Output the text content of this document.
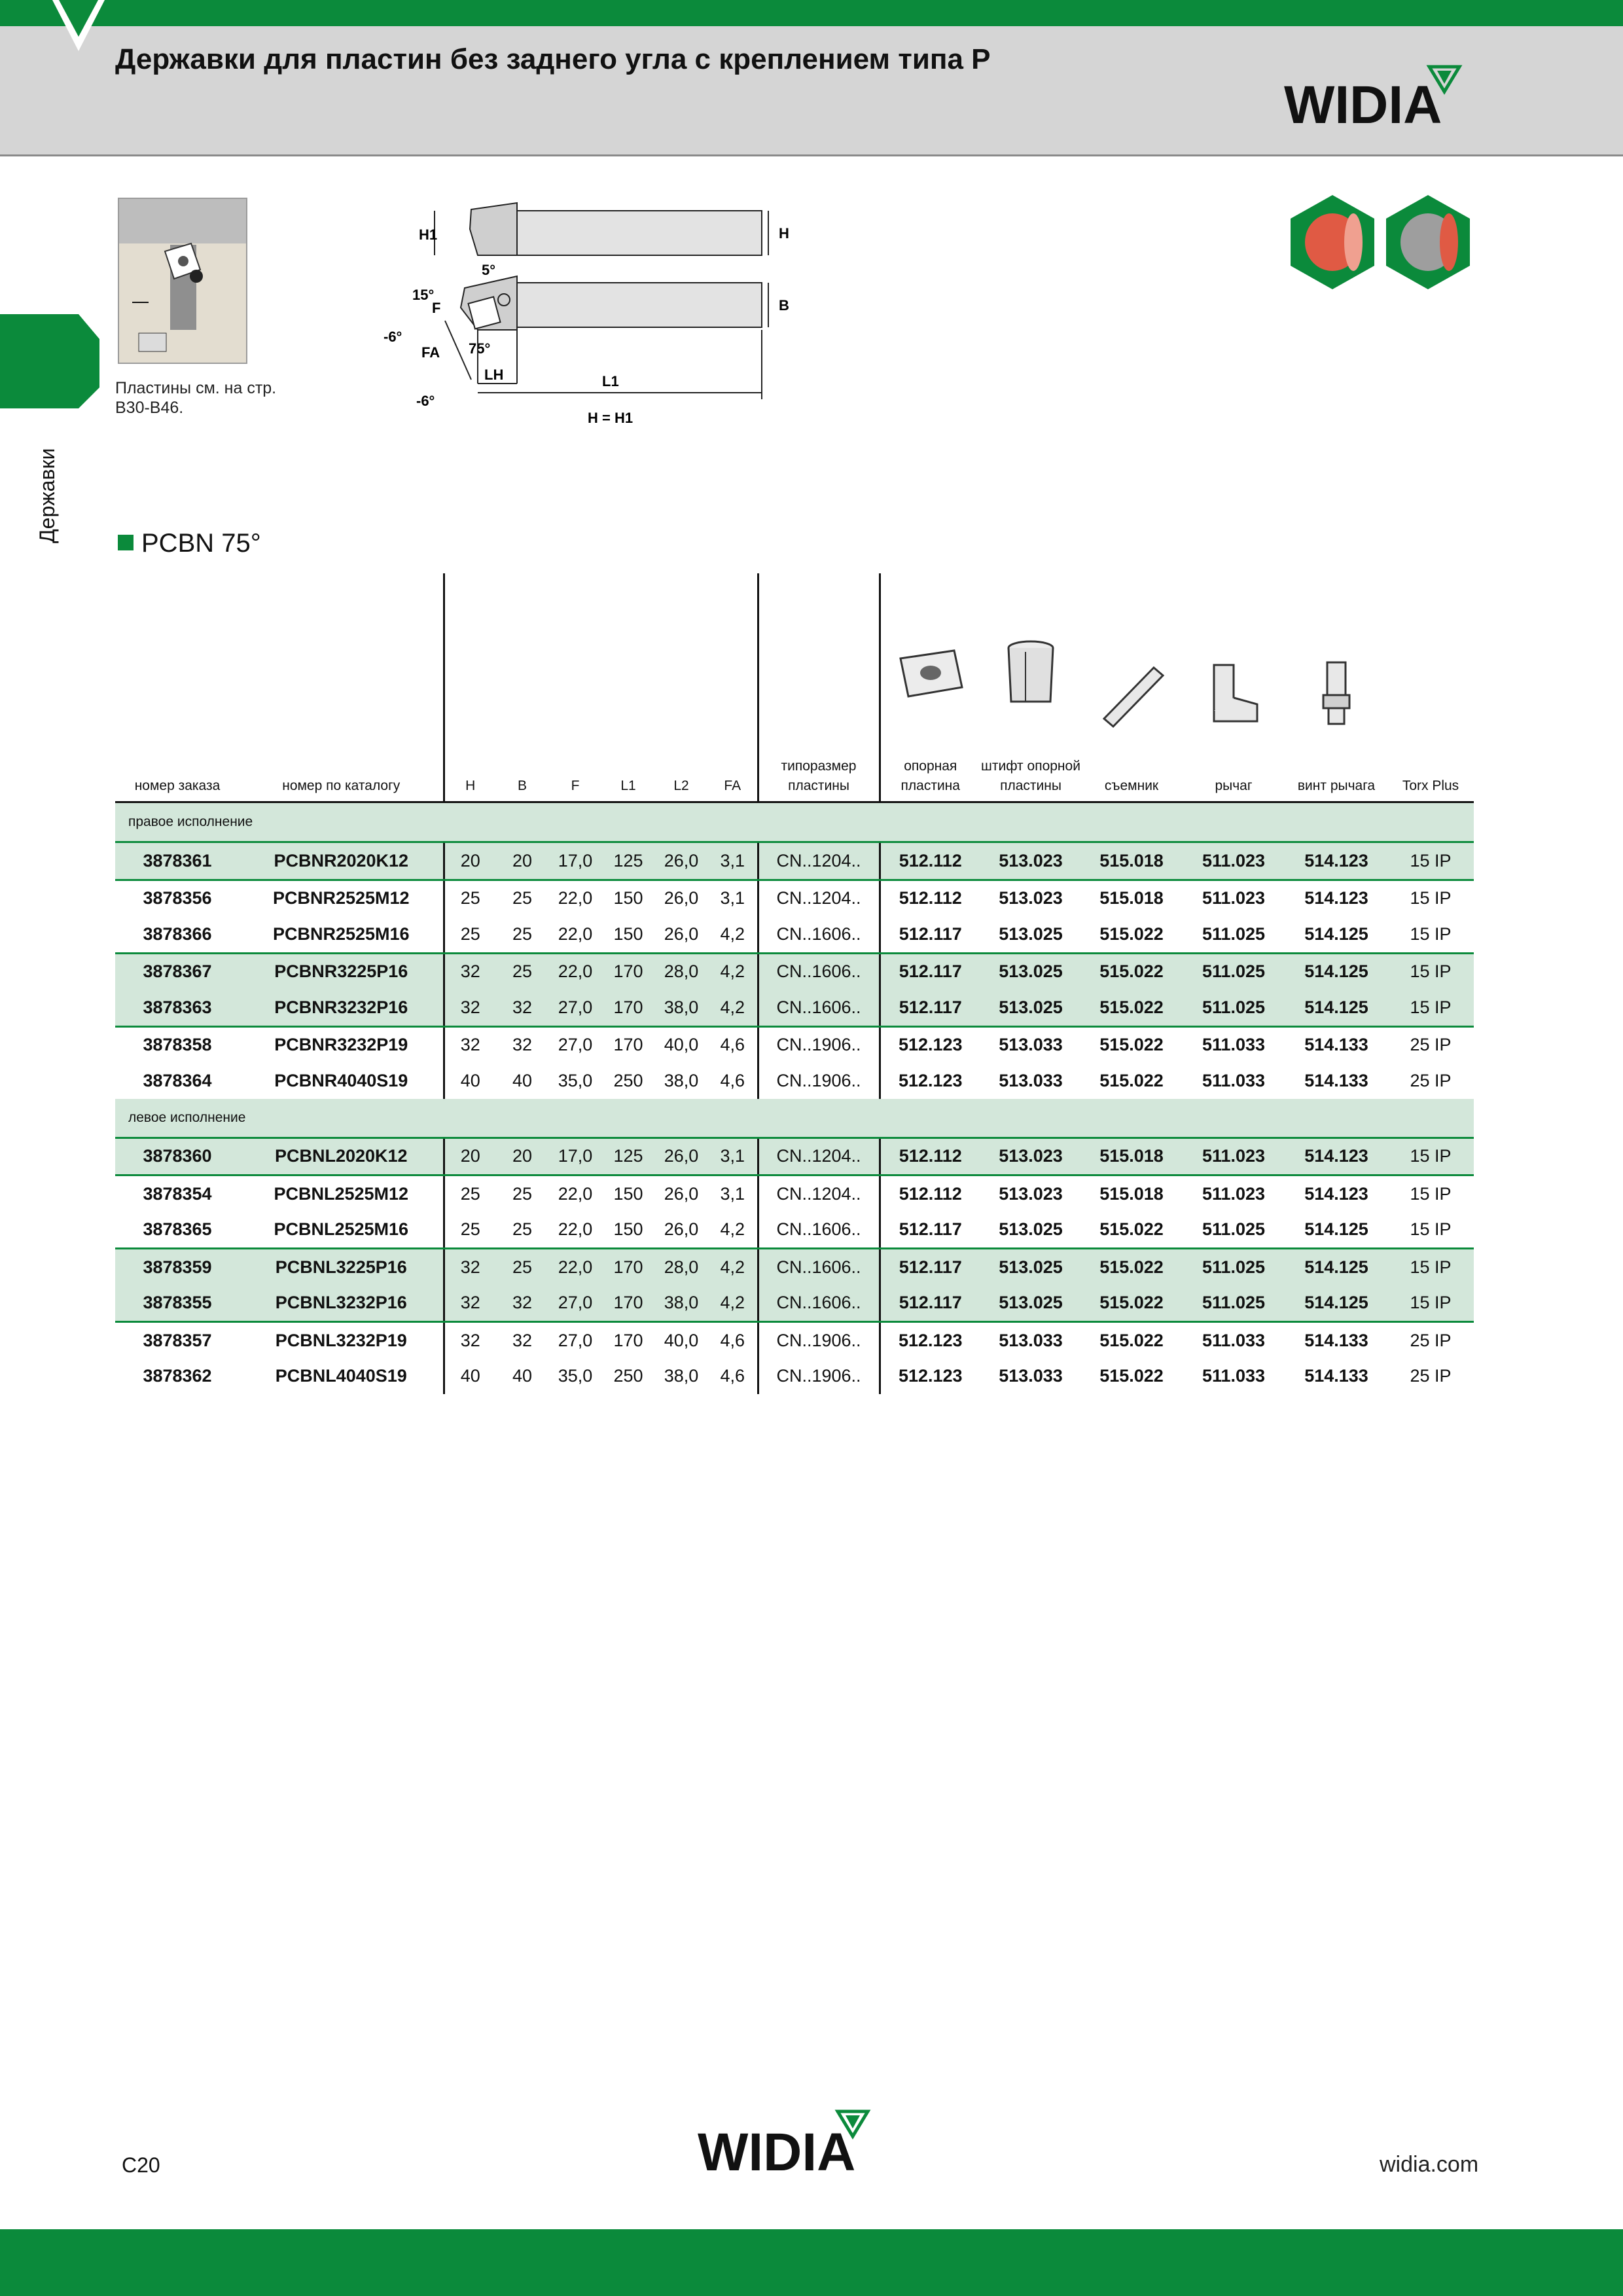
Державки для пластин без заднего угла с креплением типа P
WIDIA
Державки
Пластины см. на стр. B30-B46.
H1	H
5°
15°
F	B
-6°
FA 75°
LH	L1
-6°
H = H1
PCBN 75°
номер заказа	номер по каталогу	H	B	F	L1	L2	FA	типоразмер пластины	опорная пластина	штифт опорной пластины	съемник	рычаг	винт рычага	Torx Plus
правое исполнение														
3878361	PCBNR2020K12	20	20	17,0	125	26,0	3,1	CN..1204..	512.112	513.023	515.018	511.023	514.123	15 IP
3878356	PCBNR2525M12	25	25	22,0	150	26,0	3,1	CN..1204..	512.112	513.023	515.018	511.023	514.123	15 IP
3878366	PCBNR2525M16	25	25	22,0	150	26,0	4,2	CN..1606..	512.117	513.025	515.022	511.025	514.125	15 IP
3878367	PCBNR3225P16	32	25	22,0	170	28,0	4,2	CN..1606..	512.117	513.025	515.022	511.025	514.125	15 IP
3878363	PCBNR3232P16	32	32	27,0	170	38,0	4,2	CN..1606..	512.117	513.025	515.022	511.025	514.125	15 IP
3878358	PCBNR3232P19	32	32	27,0	170	40,0	4,6	CN..1906..	512.123	513.033	515.022	511.033	514.133	25 IP
3878364	PCBNR4040S19	40	40	35,0	250	38,0	4,6	CN..1906..	512.123	513.033	515.022	511.033	514.133	25 IP
левое исполнение														
3878360	PCBNL2020K12	20	20	17,0	125	26,0	3,1	CN..1204..	512.112	513.023	515.018	511.023	514.123	15 IP
3878354	PCBNL2525M12	25	25	22,0	150	26,0	3,1	CN..1204..	512.112	513.023	515.018	511.023	514.123	15 IP
3878365	PCBNL2525M16	25	25	22,0	150	26,0	4,2	CN..1606..	512.117	513.025	515.022	511.025	514.125	15 IP
3878359	PCBNL3225P16	32	25	22,0	170	28,0	4,2	CN..1606..	512.117	513.025	515.022	511.025	514.125	15 IP
3878355	PCBNL3232P16	32	32	27,0	170	38,0	4,2	CN..1606..	512.117	513.025	515.022	511.025	514.125	15 IP
3878357	PCBNL3232P19	32	32	27,0	170	40,0	4,6	CN..1906..	512.123	513.033	515.022	511.033	514.133	25 IP
3878362	PCBNL4040S19	40	40	35,0	250	38,0	4,6	CN..1906..	512.123	513.033	515.022	511.033	514.133	25 IP
C20	WIDIA	widia.com
